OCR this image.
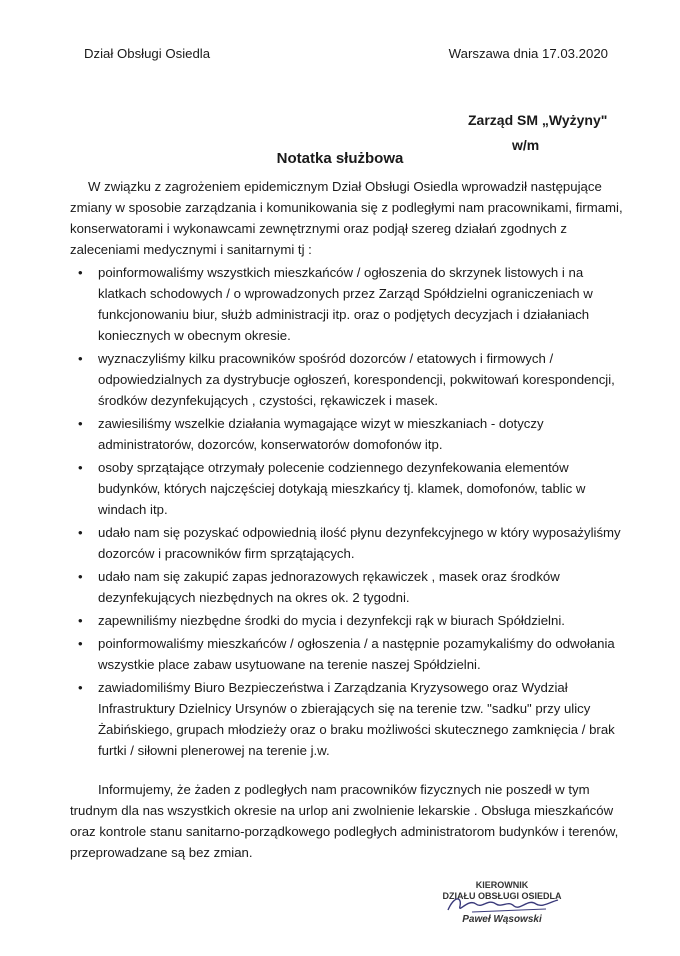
Dział Obsługi Osiedla	Warszawa dnia 17.03.2020
Zarząd SM „Wyżyny"
w/m
Notatka służbowa

W związku z zagrożeniem epidemicznym Dział Obsługi Osiedla wprowadził następujące zmiany w sposobie zarządzania i komunikowania się z podległymi nam pracownikami, firmami, konserwatorami i wykonawcami zewnętrznymi oraz podjął szereg działań zgodnych z zaleceniami medycznymi i sanitarnymi tj :

• poinformowaliśmy wszystkich mieszkańców / ogłoszenia do skrzynek listowych i na klatkach schodowych / o wprowadzonych przez Zarząd Spółdzielni ograniczeniach w funkcjonowaniu biur, służb administracji itp. oraz o podjętych decyzjach i działaniach koniecznych w obecnym okresie.
• wyznaczyliśmy kilku pracowników spośród dozorców / etatowych i firmowych / odpowiedzialnych za dystrybucje ogłoszeń, korespondencji, pokwitowań korespondencji, środków dezynfekujących , czystości, rękawiczek i masek.
• zawiesiliśmy wszelkie działania wymagające wizyt w mieszkaniach - dotyczy administratorów, dozorców, konserwatorów domofonów itp.
• osoby sprzątające otrzymały polecenie codziennego dezynfekowania elementów budynków, których najczęściej dotykają mieszkańcy tj. klamek, domofonów, tablic w windach itp.
• udało nam się pozyskać odpowiednią ilość płynu dezynfekcyjnego w który wyposażyliśmy dozorców i pracowników firm sprzątających.
• udało nam się zakupić zapas jednorazowych rękawiczek , masek oraz środków dezynfekujących niezbędnych na okres ok. 2 tygodni.
• zapewniliśmy niezbędne środki do mycia i dezynfekcji rąk w biurach Spółdzielni.
• poinformowaliśmy mieszkańców / ogłoszenia / a następnie pozamykaliśmy do odwołania wszystkie place zabaw usytuowane na terenie naszej Spółdzielni.
• zawiadomiliśmy Biuro Bezpieczeństwa i Zarządzania Kryzysowego oraz Wydział Infrastruktury Dzielnicy Ursynów o zbierających się na terenie tzw. "sadku" przy ulicy Żabińskiego, grupach młodzieży oraz o braku możliwości skutecznego zamknięcia / brak furtki / siłowni plenerowej na terenie j.w.

Informujemy, że żaden z podległych nam pracowników fizycznych nie poszedł w tym trudnym dla nas wszystkich okresie na urlop ani zwolnienie lekarskie . Obsługa mieszkańców oraz kontrole stanu sanitarno-porządkowego podległych administratorom budynków i terenów, przeprowadzane są bez zmian.

KIEROWNIK
DZIAŁU OBSŁUGI OSIEDLA
Paweł Wąsowski
